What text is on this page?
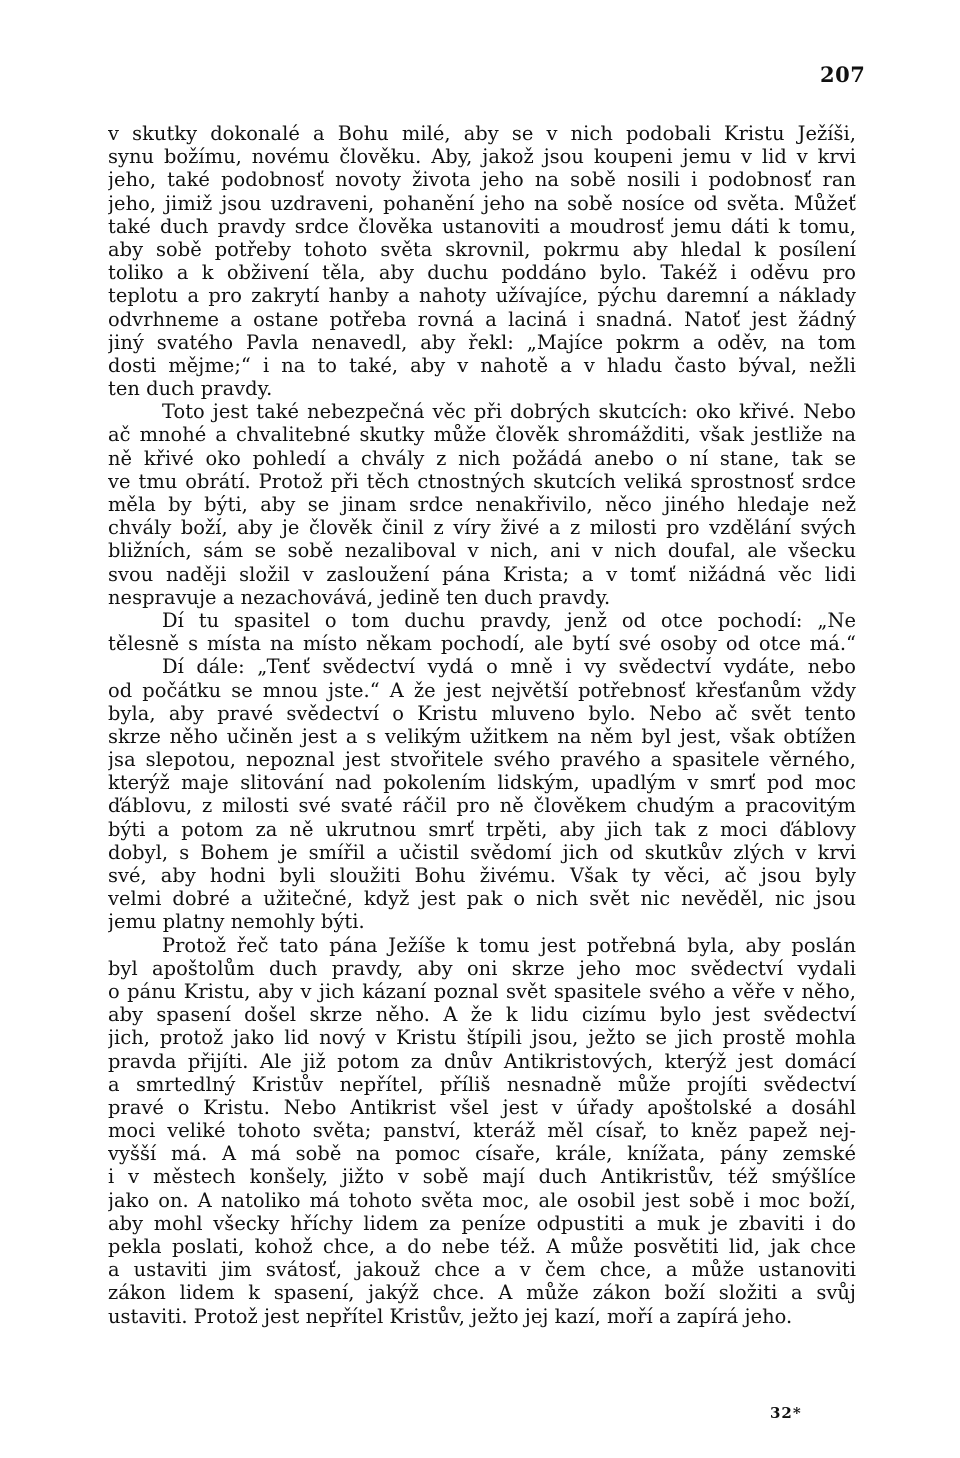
207
v skutky dokonalé a Bohu milé, aby se v nich podobali Kristu Ježíši,
synu božímu, novému člověku. Aby, jakož jsou koupeni jemu v lid v krvi
jeho, také podobnosť novoty života jeho na sobě nosili i podobnosť ran
jeho, jimiž jsou uzdraveni, pohanění jeho na sobě nosíce od světa. Můžeť
také duch pravdy srdce člověka ustanoviti a moudrosť jemu dáti k tomu,
aby sobě potřeby tohoto světa skrovnil, pokrmu aby hledal k posílení
toliko a k obživení těla, aby duchu poddáno bylo. Takéž i oděvu pro
teplotu a pro zakrytí hanby a nahoty užívajíce, pýchu daremní a náklady
odvrhneme a ostane potřeba rovná a laciná i snadná. Natoť jest žádný
jiný svatého Pavla nenavedl, aby řekl: „Majíce pokrm a oděv, na tom
dosti mějme;“ i na to také, aby v nahotě a v hladu často býval, nežli
ten duch pravdy.
Toto jest také nebezpečná věc při dobrých skutcích: oko křivé. Nebo
ač mnohé a chvalitebné skutky může člověk shromážditi, však jestliže na
ně křivé oko pohledí a chvály z nich požádá anebo o ní stane, tak se
ve tmu obrátí. Protož při těch ctnostných skutcích veliká sprostnosť srdce
měla by býti, aby se jinam srdce nenakřivilo, něco jiného hledaje než
chvály boží, aby je člověk činil z víry živé a z milosti pro vzdělání svých
bližních, sám se sobě nezaliboval v nich, ani v nich doufal, ale všecku
svou naději složil v zasloužení pána Krista; a v tomť nižádná věc lidi
nespravuje a nezachovává, jedině ten duch pravdy.
Dí tu spasitel o tom duchu pravdy, jenž od otce pochodí: „Ne
tělesně s místa na místo někam pochodí, ale bytí své osoby od otce má.“
Dí dále: „Tenť svědectví vydá o mně i vy svědectví vydáte, nebo
od počátku se mnou jste.“ A že jest největší potřebnosť křesťanům vždy
byla, aby pravé svědectví o Kristu mluveno bylo. Nebo ač svět tento
skrze něho učiněn jest a s velikým užitkem na něm byl jest, však obtížen
jsa slepotou, nepoznal jest stvořitele svého pravého a spasitele věrného,
kterýž maje slitování nad pokolením lidským, upadlým v smrť pod moc
ďáblovu, z milosti své svaté ráčil pro ně člověkem chudým a pracovitým
býti a potom za ně ukrutnou smrť trpěti, aby jich tak z moci ďáblovy
dobyl, s Bohem je smířil a učistil svědomí jich od skutkův zlých v krvi
své, aby hodni byli sloužiti Bohu živému. Však ty věci, ač jsou byly
velmi dobré a užitečné, když jest pak o nich svět nic nevěděl, nic jsou
jemu platny nemohly býti.
Protož řeč tato pána Ježíše k tomu jest potřebná byla, aby poslán
byl apoštolům duch pravdy, aby oni skrze jeho moc svědectví vydali
o pánu Kristu, aby v jich kázaní poznal svět spasitele svého a věře v něho,
aby spasení došel skrze něho. A že k lidu cizímu bylo jest svědectví
jich, protož jako lid nový v Kristu štípili jsou, ježto se jich prostě mohla
pravda přijíti. Ale již potom za dnův Antikristových, kterýž jest domácí
a smrtedlný Kristův nepřítel, příliš nesnadně může projíti svědectví
pravé o Kristu. Nebo Antikrist všel jest v úřady apoštolské a dosáhl
moci veliké tohoto světa; panství, kteráž měl císař, to kněz papež nej-
vyšší má. A má sobě na pomoc císaře, krále, knížata, pány zemské
i v městech konšely, jižto v sobě mají duch Antikristův, též smýšlíce
jako on. A natoliko má tohoto světa moc, ale osobil jest sobě i moc boží,
aby mohl všecky hříchy lidem za peníze odpustiti a muk je zbaviti i do
pekla poslati, kohož chce, a do nebe též. A může posvětiti lid, jak chce
a ustaviti jim svátosť, jakouž chce a v čem chce, a může ustanoviti
zákon lidem k spasení, jakýž chce. A může zákon boží složiti a svůj
ustaviti. Protož jest nepřítel Kristův, ježto jej kazí, moří a zapírá jeho.
32*
